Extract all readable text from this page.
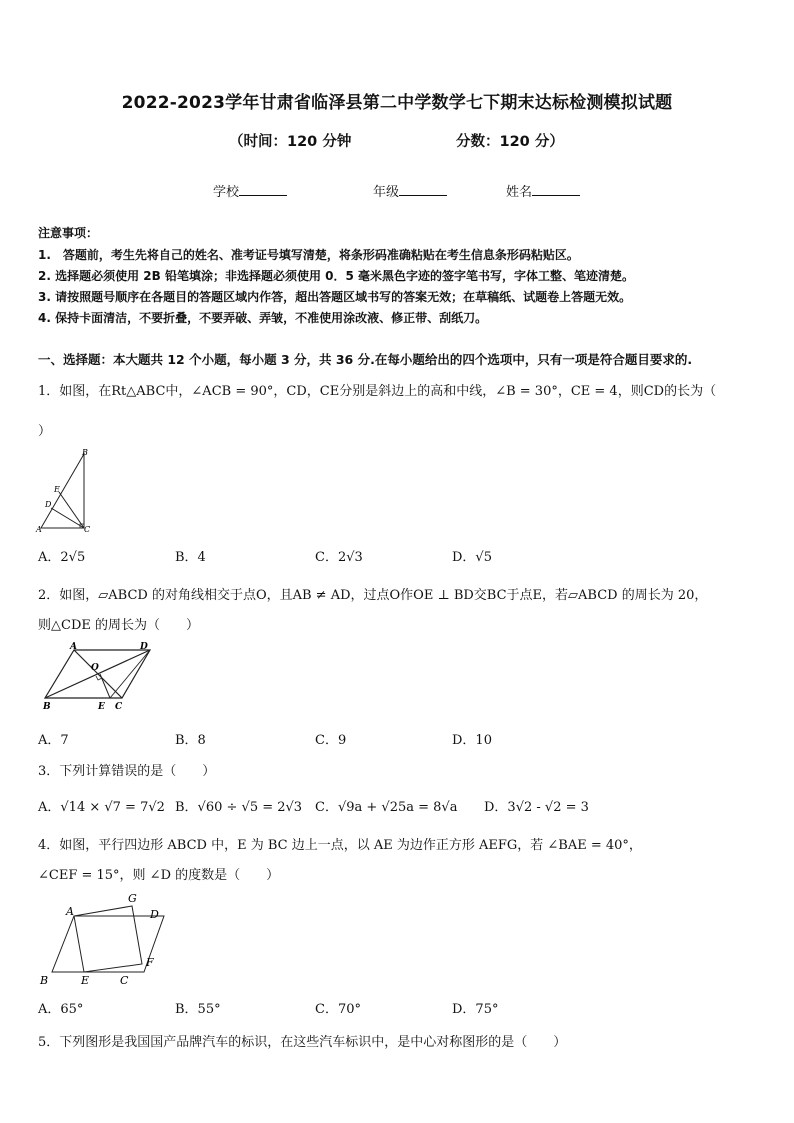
2022-2023学年甘肃省临泽县第二中学数学七下期末达标检测模拟试题
（时间：120 分钟	分数：120 分）
学校	年级	姓名
注意事项：
1.　答题前，考生先将自己的姓名、准考证号填写清楚，将条形码准确粘贴在考生信息条形码粘贴区。
2. 选择题必须使用 2B 铅笔填涂；非选择题必须使用 0．5 毫米黑色字迹的签字笔书写，字体工整、笔迹清楚。
3. 请按照题号顺序在各题目的答题区域内作答，超出答题区域书写的答案无效；在草稿纸、试题卷上答题无效。
4. 保持卡面清洁，不要折叠，不要弄破、弄皱，不准使用涂改液、修正带、刮纸刀。
一、选择题：本大题共 12 个小题，每小题 3 分，共 36 分.在每小题给出的四个选项中，只有一项是符合题目要求的.
1．如图，在Rt△ABC中，∠ACB = 90°，CD，CE分别是斜边上的高和中线，∠B = 30°，CE = 4，则CD的长为（
）
B
E
D
A	C
A．2√5	B．4	C．2√3	D．√5
2．如图，▱ABCD 的对角线相交于点O，且AB ≠ AD，过点O作OE ⊥ BD交BC于点E，若▱ABCD 的周长为 20，
则△CDE 的周长为（　　）
A	D
O
B	E C
A．7	B．8	C．9	D．10
3．下列计算错误的是（　　）
A．√14 × √7 = 7√2 B．√60 ÷ √5 = 2√3 C．√9a + √25a = 8√a D．3√2 - √2 = 3
4．如图，平行四边形 ABCD 中，E 为 BC 边上一点，以 AE 为边作正方形 AEFG，若 ∠BAE = 40°，
∠CEF = 15°，则 ∠D 的度数是（　　）
A
G
D
B	E	C
F
A．65°	B．55°	C．70°	D．75°
5．下列图形是我国国产品牌汽车的标识，在这些汽车标识中，是中心对称图形的是（　　）
